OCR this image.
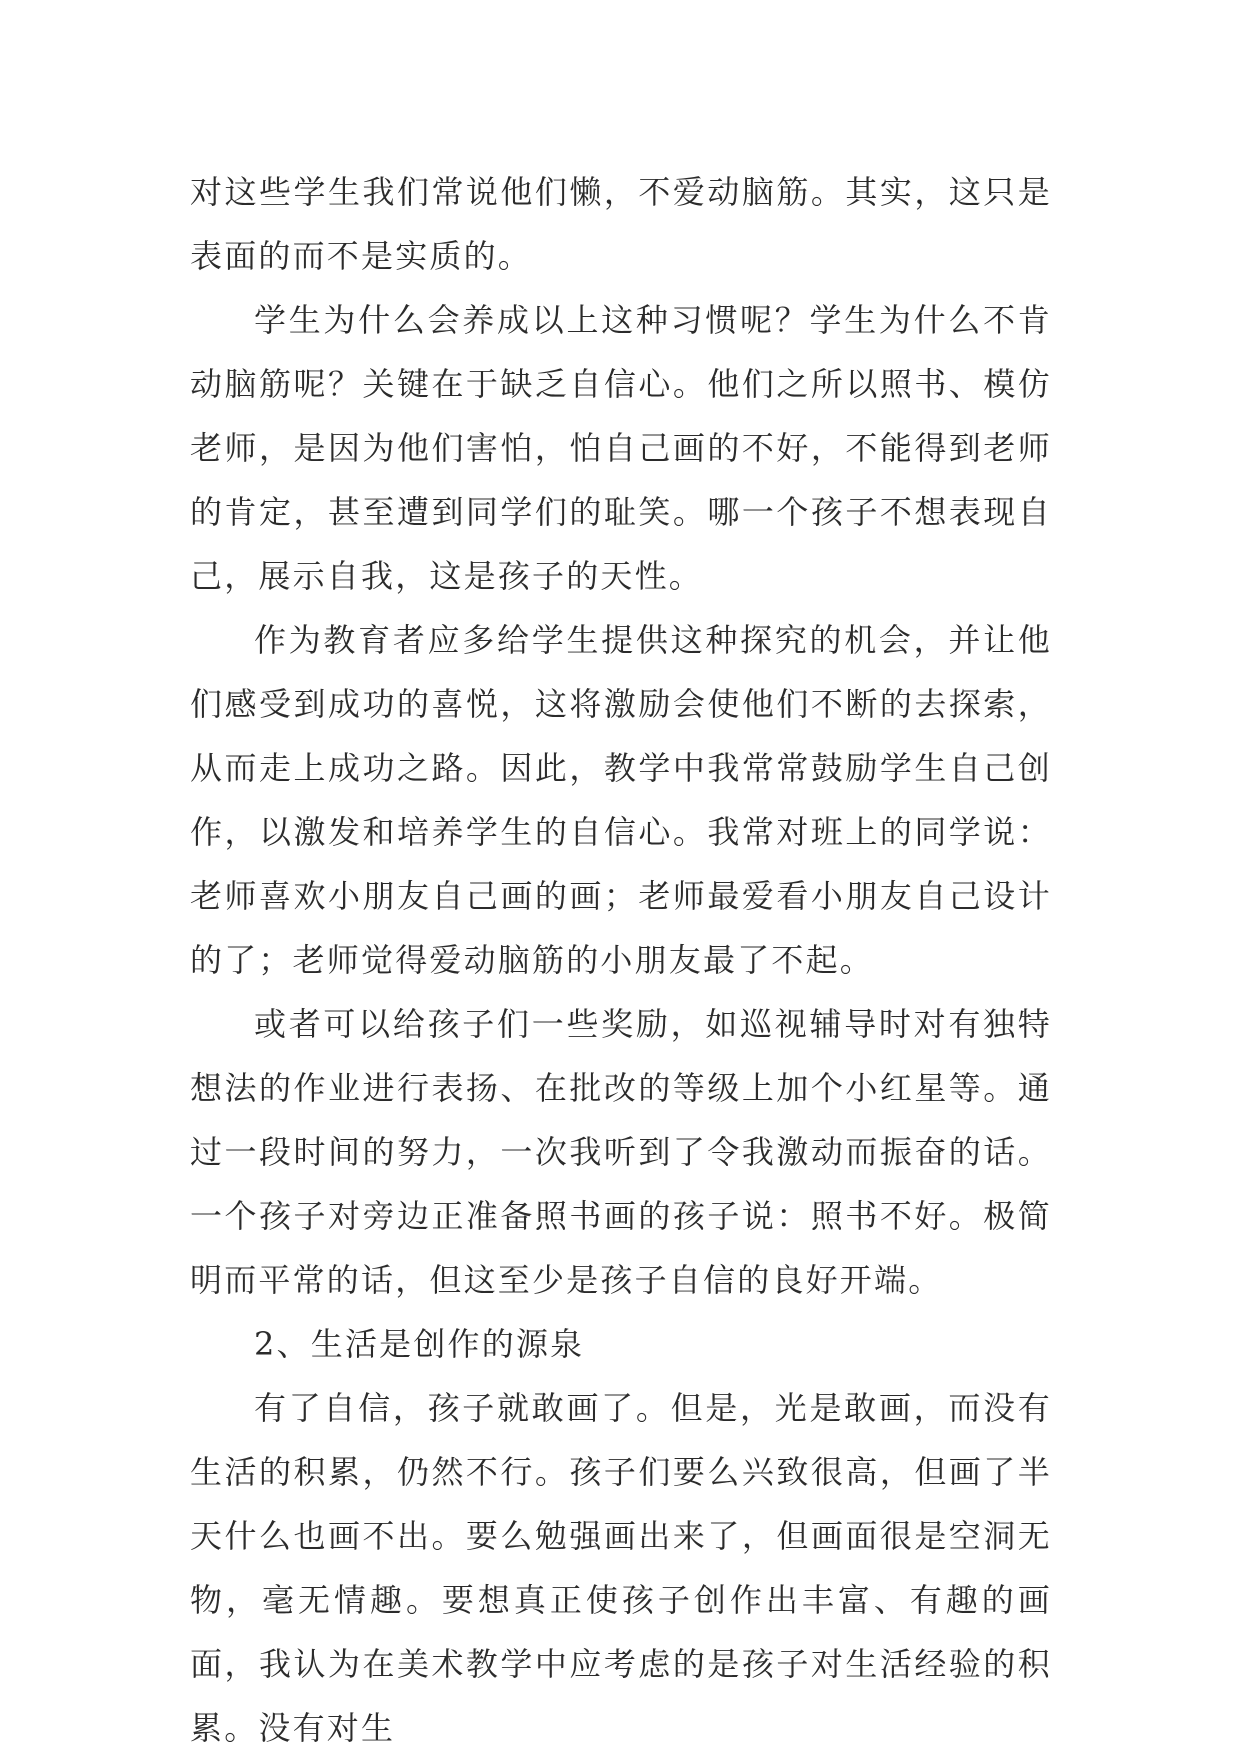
对这些学生我们常说他们懒，不爱动脑筋。其实，这只是表面的而不是实质的。

学生为什么会养成以上这种习惯呢？学生为什么不肯动脑筋呢？关键在于缺乏自信心。他们之所以照书、模仿老师，是因为他们害怕，怕自己画的不好，不能得到老师的肯定，甚至遭到同学们的耻笑。哪一个孩子不想表现自己，展示自我，这是孩子的天性。

作为教育者应多给学生提供这种探究的机会，并让他们感受到成功的喜悦，这将激励会使他们不断的去探索，从而走上成功之路。因此，教学中我常常鼓励学生自己创作，以激发和培养学生的自信心。我常对班上的同学说：老师喜欢小朋友自己画的画；老师最爱看小朋友自己设计的了；老师觉得爱动脑筋的小朋友最了不起。

或者可以给孩子们一些奖励，如巡视辅导时对有独特想法的作业进行表扬、在批改的等级上加个小红星等。通过一段时间的努力，一次我听到了令我激动而振奋的话。一个孩子对旁边正准备照书画的孩子说：照书不好。极简明而平常的话，但这至少是孩子自信的良好开端。

2、生活是创作的源泉

有了自信，孩子就敢画了。但是，光是敢画，而没有生活的积累，仍然不行。孩子们要么兴致很高，但画了半天什么也画不出。要么勉强画出来了，但画面很是空洞无物，毫无情趣。要想真正使孩子创作出丰富、有趣的画面，我认为在美术教学中应考虑的是孩子对生活经验的积累。没有对生
